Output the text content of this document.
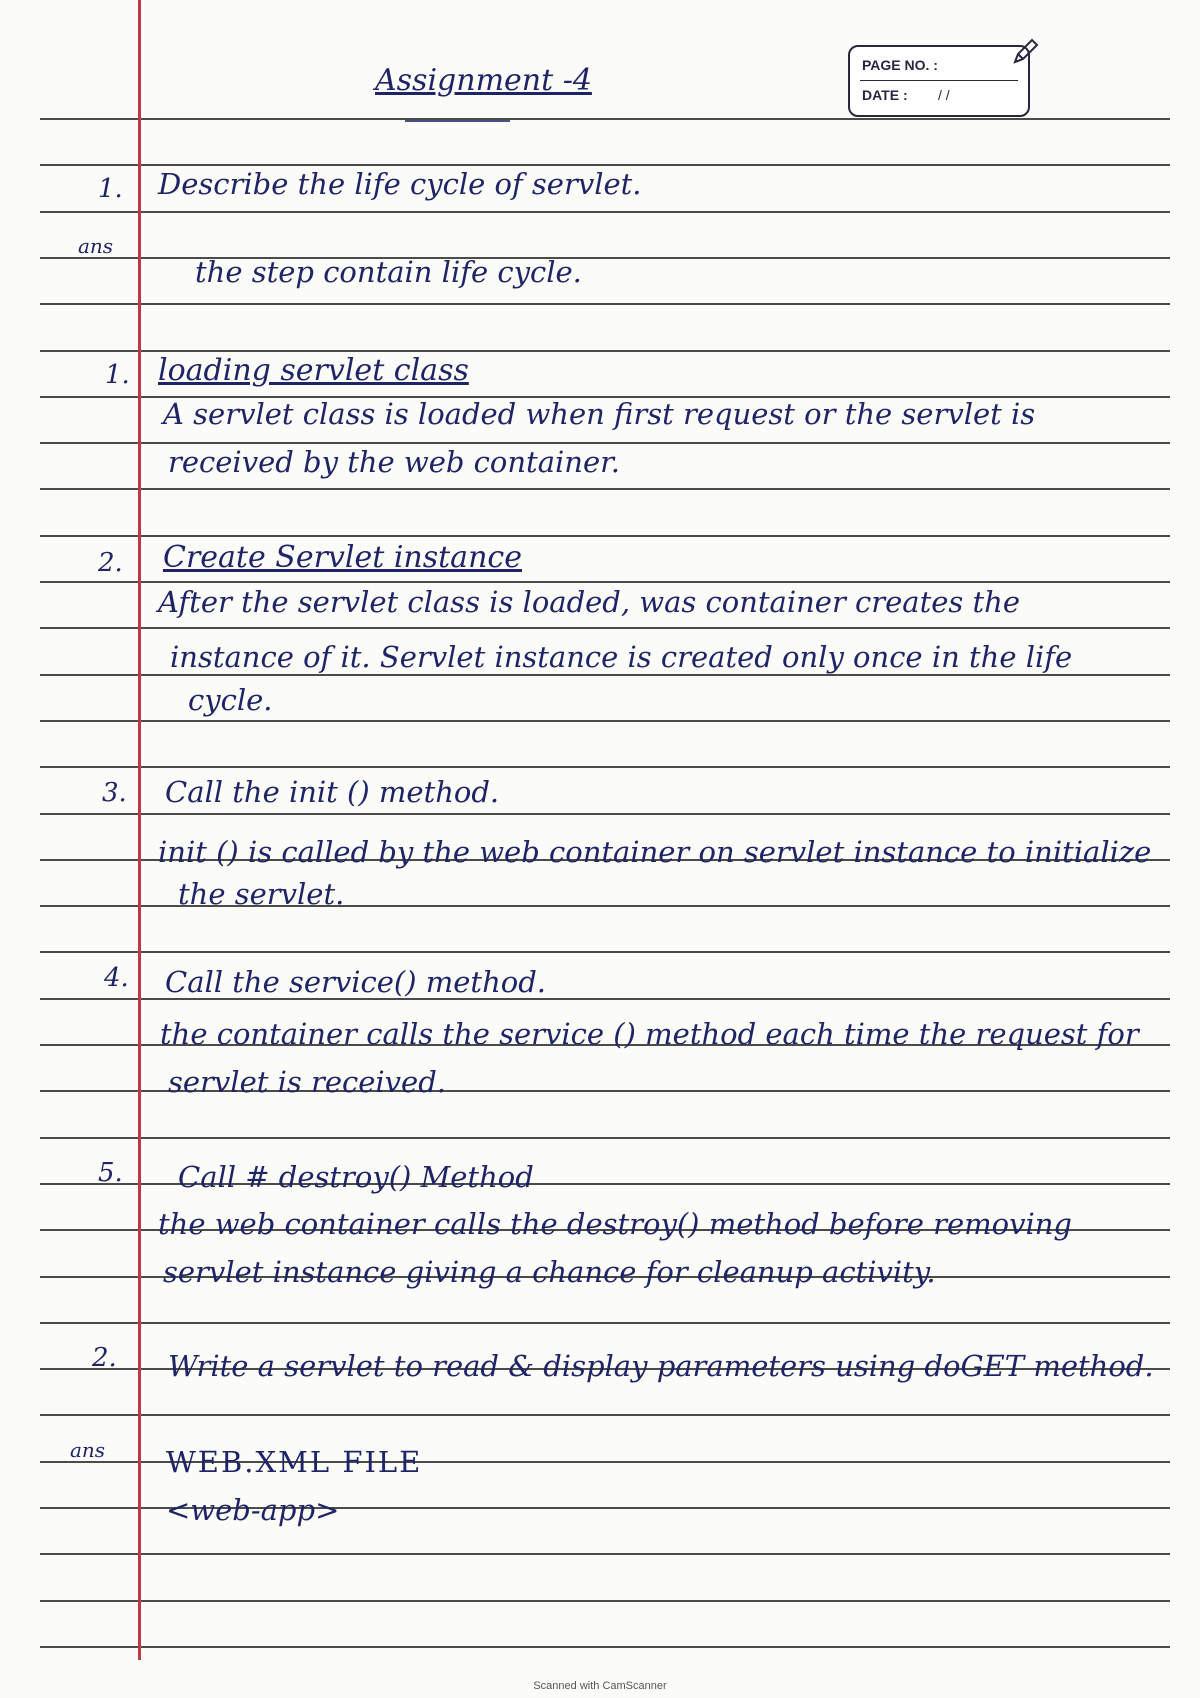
PAGE NO. :
DATE : / /
Assignment -4
1. Describe the life cycle of servlet.
ans
the step contain life cycle.
1. loading servlet class
A servlet class is loaded when first request or the servlet is
received by the web container.
2. Create Servlet instance
After the servlet class is loaded, was container creates the
instance of it. Servlet instance is created only once in the life
cycle.
3. Call the init () method.
init () is called by the web container on servlet instance to initialize
the servlet.
4. Call the service() method.
the container calls the service () method each time the request for
servlet is received.
5. Call # destroy() Method
the web container calls the destroy() method before removing
servlet instance giving a chance for cleanup activity.
2. Write a servlet to read & display parameters using doGET method.
ans WEB.XML FILE
<web-app>
Scanned with CamScanner
